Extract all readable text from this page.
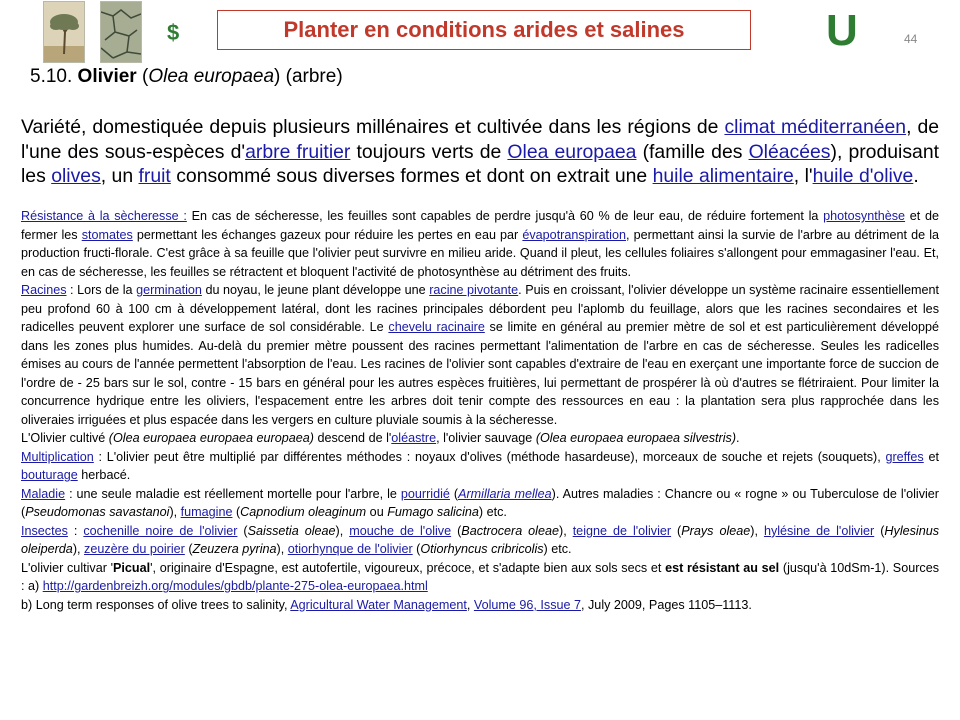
$	Planter en conditions arides et salines	U	44
5.10. Olivier (Olea europaea) (arbre)

Variété, domestiquée depuis plusieurs millénaires et cultivée dans les régions de climat méditerranéen, de l'une des sous-espèces d'arbre fruitier toujours verts de Olea europaea (famille des Oléacées), produisant les olives, un fruit consommé sous diverses formes et dont on extrait une huile alimentaire, l'huile d'olive.

Résistance à la sècheresse : En cas de sécheresse, les feuilles sont capables de perdre jusqu'à 60 % de leur eau, de réduire fortement la photosynthèse et de fermer les stomates permettant les échanges gazeux pour réduire les pertes en eau par évapotranspiration, permettant ainsi la survie de l'arbre au détriment de la production fructi-florale. C'est grâce à sa feuille que l'olivier peut survivre en milieu aride. Quand il pleut, les cellules foliaires s'allongent pour emmagasiner l'eau. Et, en cas de sécheresse, les feuilles se rétractent et bloquent l'activité de photosynthèse au détriment des fruits.

Racines : Lors de la germination du noyau, le jeune plant développe une racine pivotante. Puis en croissant, l'olivier développe un système racinaire essentiellement peu profond 60 à 100 cm à développement latéral, dont les racines principales débordent peu l'aplomb du feuillage, alors que les racines secondaires et les radicelles peuvent explorer une surface de sol considérable. Le chevelu racinaire se limite en général au premier mètre de sol et est particulièrement développé dans les zones plus humides. Au-delà du premier mètre poussent des racines permettant l'alimentation de l'arbre en cas de sécheresse. Seules les radicelles émises au cours de l'année permettent l'absorption de l'eau. Les racines de l'olivier sont capables d'extraire de l'eau en exerçant une importante force de succion de l'ordre de - 25 bars sur le sol, contre - 15 bars en général pour les autres espèces fruitières, lui permettant de prospérer là où d'autres se flétriraient. Pour limiter la concurrence hydrique entre les oliviers, l'espacement entre les arbres doit tenir compte des ressources en eau : la plantation sera plus rapprochée dans les oliveraies irriguées et plus espacée dans les vergers en culture pluviale soumis à la sécheresse.

L'Olivier cultivé (Olea europaea europaea europaea) descend de l'oléastre, l'olivier sauvage (Olea europaea europaea silvestris).

Multiplication : L'olivier peut être multiplié par différentes méthodes : noyaux d'olives (méthode hasardeuse), morceaux de souche et rejets (souquets), greffes et bouturage herbacé.

Maladie : une seule maladie est réellement mortelle pour l'arbre, le pourridié (Armillaria mellea). Autres maladies : Chancre ou « rogne » ou Tuberculose de l'olivier (Pseudomonas savastanoi), fumagine (Capnodium oleaginum ou Fumago salicina) etc.

Insectes : cochenille noire de l'olivier (Saissetia oleae), mouche de l'olive (Bactrocera oleae), teigne de l'olivier (Prays oleae), hylésine de l'olivier (Hylesinus oleiperda), zeuzère du poirier (Zeuzera pyrina), otiorhynque de l'olivier (Otiorhyncus cribricolis) etc.

L'olivier cultivar 'Picual', originaire d'Espagne, est autofertile, vigoureux, précoce, et s'adapte bien aux sols secs et est résistant au sel (jusqu'à 10dSm-1). Sources : a) http://gardenbreizh.org/modules/gbdb/plante-275-olea-europaea.html

b) Long term responses of olive trees to salinity, Agricultural Water Management, Volume 96, Issue 7, July 2009, Pages 1105–1113.
